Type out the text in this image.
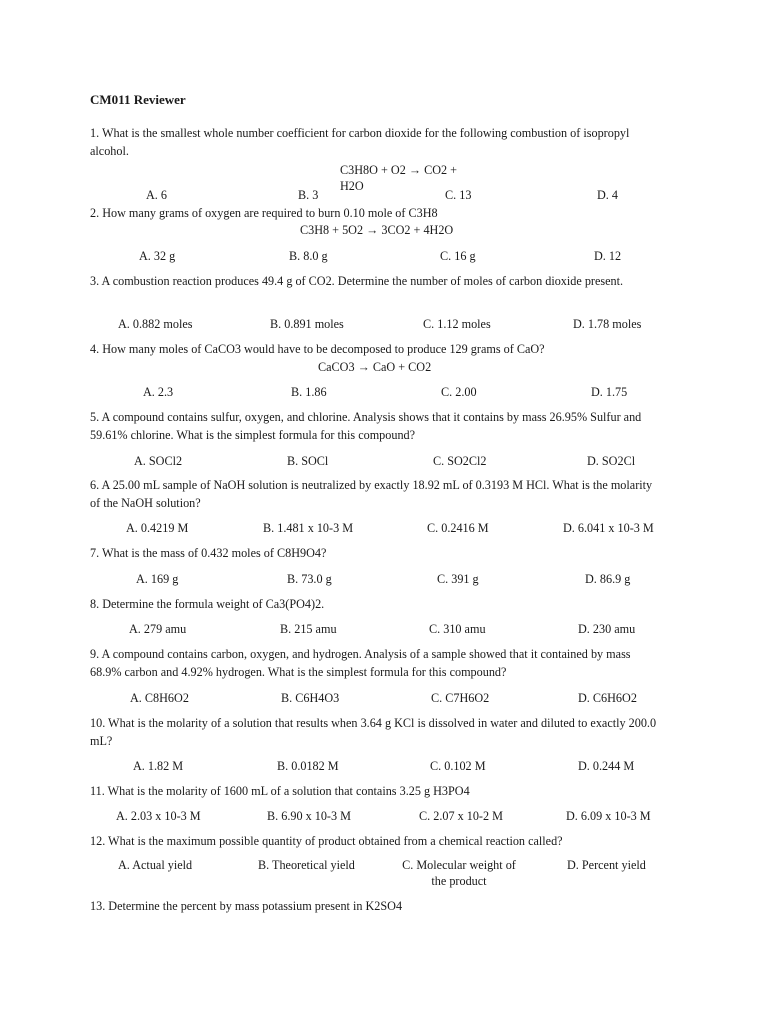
CM011 Reviewer
1. What is the smallest whole number coefficient for carbon dioxide for the following combustion of isopropyl alcohol.
C3H8O + O2 → CO2 + H2O
A. 6	B. 3	C. 13	D. 4
2. How many grams of oxygen are required to burn 0.10 mole of C3H8
C3H8 + 5O2 → 3CO2 + 4H2O
A. 32 g	B. 8.0 g	C. 16 g	D. 12
3. A combustion reaction produces 49.4 g of CO2. Determine the number of moles of carbon dioxide present.
A. 0.882 moles	B. 0.891 moles	C. 1.12 moles	D. 1.78 moles
4. How many moles of CaCO3 would have to be decomposed to produce 129 grams of CaO?
CaCO3 → CaO + CO2
A. 2.3	B. 1.86	C. 2.00	D. 1.75
5. A compound contains sulfur, oxygen, and chlorine. Analysis shows that it contains by mass 26.95% Sulfur and 59.61% chlorine. What is the simplest formula for this compound?
A. SOCl2	B. SOCl	C. SO2Cl2	D. SO2Cl
6. A 25.00 mL sample of NaOH solution is neutralized by exactly 18.92 mL of 0.3193 M HCl. What is the molarity of the NaOH solution?
A. 0.4219 M	B. 1.481 x 10-3 M	C. 0.2416 M	D. 6.041 x 10-3 M
7. What is the mass of 0.432 moles of C8H9O4?
A. 169 g	B. 73.0 g	C. 391 g	D. 86.9 g
8. Determine the formula weight of Ca3(PO4)2.
A. 279 amu	B. 215 amu	C. 310 amu	D. 230 amu
9. A compound contains carbon, oxygen, and hydrogen. Analysis of a sample showed that it contained by mass 68.9% carbon and 4.92% hydrogen. What is the simplest formula for this compound?
A. C8H6O2	B. C6H4O3	C. C7H6O2	D. C6H6O2
10. What is the molarity of a solution that results when 3.64 g KCl is dissolved in water and diluted to exactly 200.0 mL?
A. 1.82 M	B. 0.0182 M	C. 0.102 M	D. 0.244 M
11. What is the molarity of 1600 mL of a solution that contains 3.25 g H3PO4
A. 2.03 x 10-3 M	B. 6.90 x 10-3 M	C. 2.07 x 10-2 M	D. 6.09 x 10-3 M
12. What is the maximum possible quantity of product obtained from a chemical reaction called?
A. Actual yield	B. Theoretical yield	C. Molecular weight of the product
D. Percent yield
13. Determine the percent by mass potassium present in K2SO4
